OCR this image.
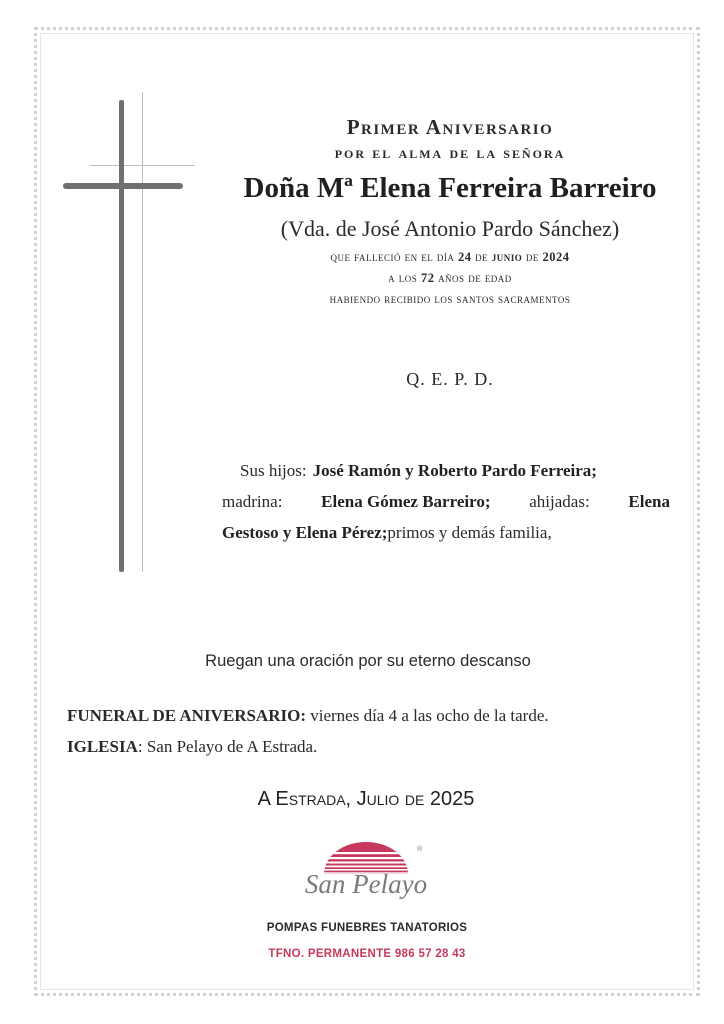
Primer Aniversario
por el alma de la señora
Doña Mª Elena Ferreira Barreiro
(Vda. de José Antonio Pardo Sánchez)
que falleció en el día 24 de junio de 2024
a los 72 años de edad
habiendo recibido los santos sacramentos
Q. E. P. D.
Sus hijos: José Ramón y Roberto Pardo Ferreira;
madrina: Elena Gómez Barreiro; ahijadas: Elena
Gestoso y Elena Pérez; primos y demás familia,
Ruegan una oración por su eterno descanso
FUNERAL DE ANIVERSARIO: viernes día 4 a las ocho de la tarde.
IGLESIA: San Pelayo de A Estrada.
A Estrada, Julio de 2025
®
San Pelayo
POMPAS FUNEBRES TANATORIOS
TFNO. PERMANENTE 986 57 28 43
